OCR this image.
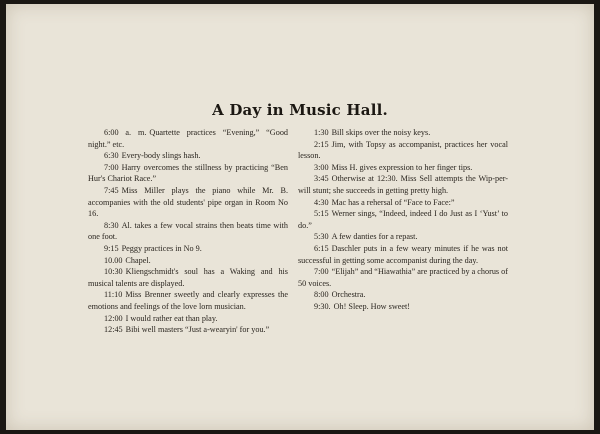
A Day in Music Hall.

6:00 a. m. Quartette practices “Evening,” “Good night.” etc.

6:30 Every-body slings hash.

7:00 Harry overcomes the stillness by practicing “Ben Hur's Chariot Race.”

7:45 Miss Miller plays the piano while Mr. B. accompanies with the old students' pipe organ in Room No 16.

8:30 Al. takes a few vocal strains then beats time with one foot.

9:15 Peggy practices in No 9.

10.00 Chapel.

10:30 Kliengschmidt's soul has a Waking and his musical talents are displayed.

11:10 Miss Brenner sweetly and clearly expresses the emotions and feelings of the love lorn musician.

12:00 I would rather eat than play.

12:45 Bibi well masters “Just a-wearyin' for you.”

1:30 Bill skips over the noisy keys.

2:15 Jim, with Topsy as accompanist, practices her vocal lesson.

3:00 Miss H. gives expression to her finger tips.

3:45 Otherwise at 12:30. Miss Sell attempts the Wip-per-will stunt; she succeeds in getting pretty high.

4:30 Mac has a rehersal of “Face to Face:”

5:15 Werner sings, “Indeed, indeed I do Just as I ‘Yust’ to do.”

5:30 A few danties for a repast.

6:15 Daschler puts in a few weary minutes if he was not successful in getting some accompanist during the day.

7:00 “Elijah” and “Hiawathia” are practiced by a chorus of 50 voices.

8:00 Orchestra.

9:30. Oh! Sleep. How sweet!
